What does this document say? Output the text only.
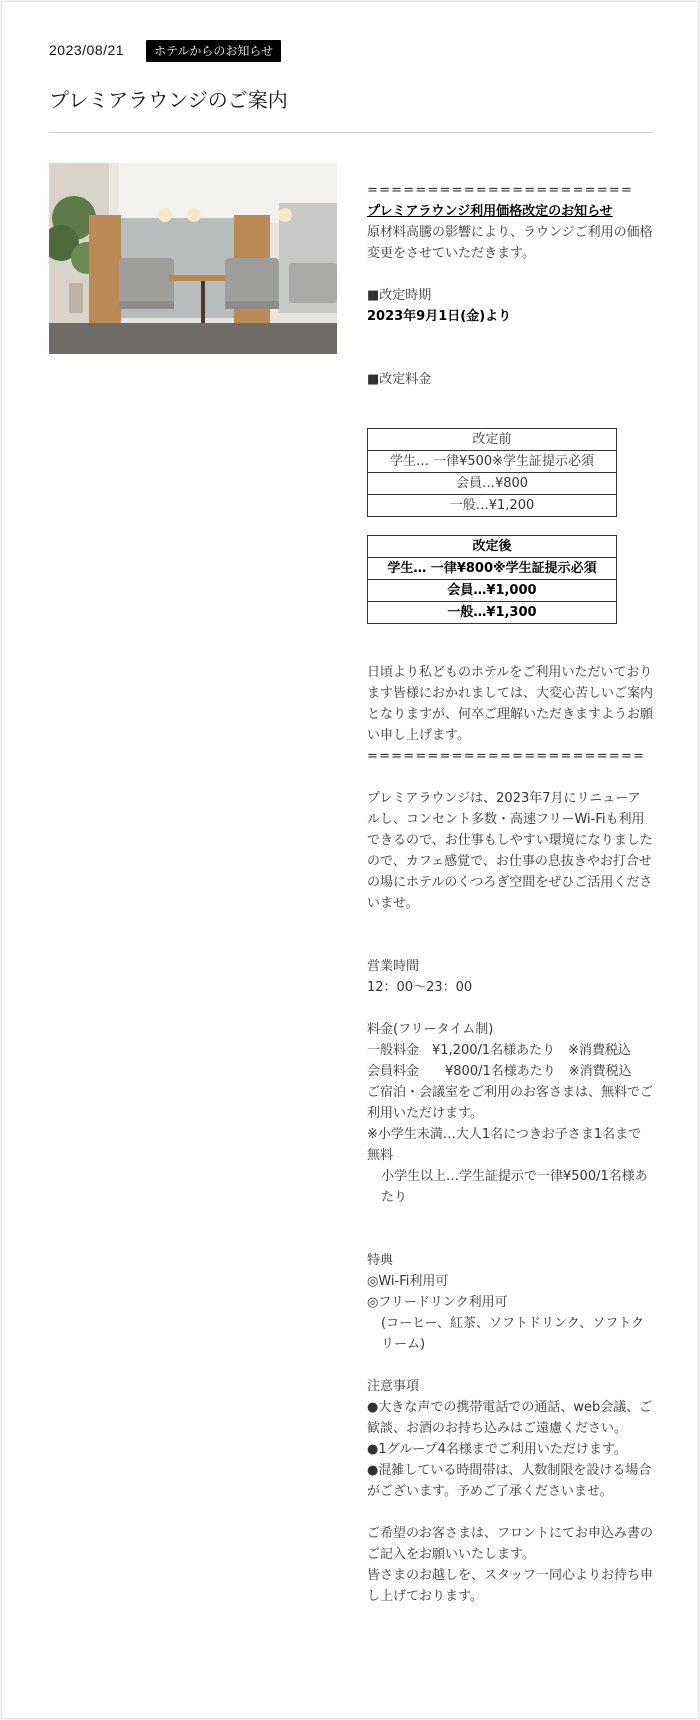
2023/08/21	ホテルからのお知らせ
プレミアラウンジのご案内

======================

プレミアラウンジ利用価格改定のお知らせ

原材料高騰の影響により、ラウンジご利用の価格変更をさせていただきます。

■改定時期

2023年9月1日(金)より

■改定料金

改定前
学生… 一律¥500※学生証提示必須
会員…¥800
一般…¥1,200
改定後
学生… 一律¥800※学生証提示必須
会員…¥1,000
一般…¥1,300

日頃より私どものホテルをご利用いただいております皆様におかれましては、大変心苦しいご案内となりますが、何卒ご理解いただきますようお願い申し上げます。

=======================

プレミアラウンジは、2023年7月にリニューアルし、コンセント多数・高速フリーWi-Fiも利用できるので、お仕事もしやすい環境になりましたので、カフェ感覚で、お仕事の息抜きやお打合せの場にホテルのくつろぎ空間をぜひご活用くださいませ。

営業時間

12：00～23：00

料金(フリータイム制)

一般料金　¥1,200/1名様あたり　※消費税込

会員料金　　¥800/1名様あたり　※消費税込

ご宿泊・会議室をご利用のお客さまは、無料でご利用いただけます。

※小学生未満…大人1名につきお子さま1名まで無料

小学生以上…学生証提示で一律¥500/1名様あたり

特典

◎Wi-Fi利用可

◎フリードリンク利用可

(コーヒー、紅茶、ソフトドリンク、ソフトクリーム)

注意事項

●大きな声での携帯電話での通話、web会議、ご歓談、お酒のお持ち込みはご遠慮ください。

●1グループ4名様までご利用いただけます。

●混雑している時間帯は、人数制限を設ける場合がございます。予めご了承くださいませ。

ご希望のお客さまは、フロントにてお申込み書のご記入をお願いいたします。

皆さまのお越しを、スタッフ一同心よりお待ち申し上げております。
